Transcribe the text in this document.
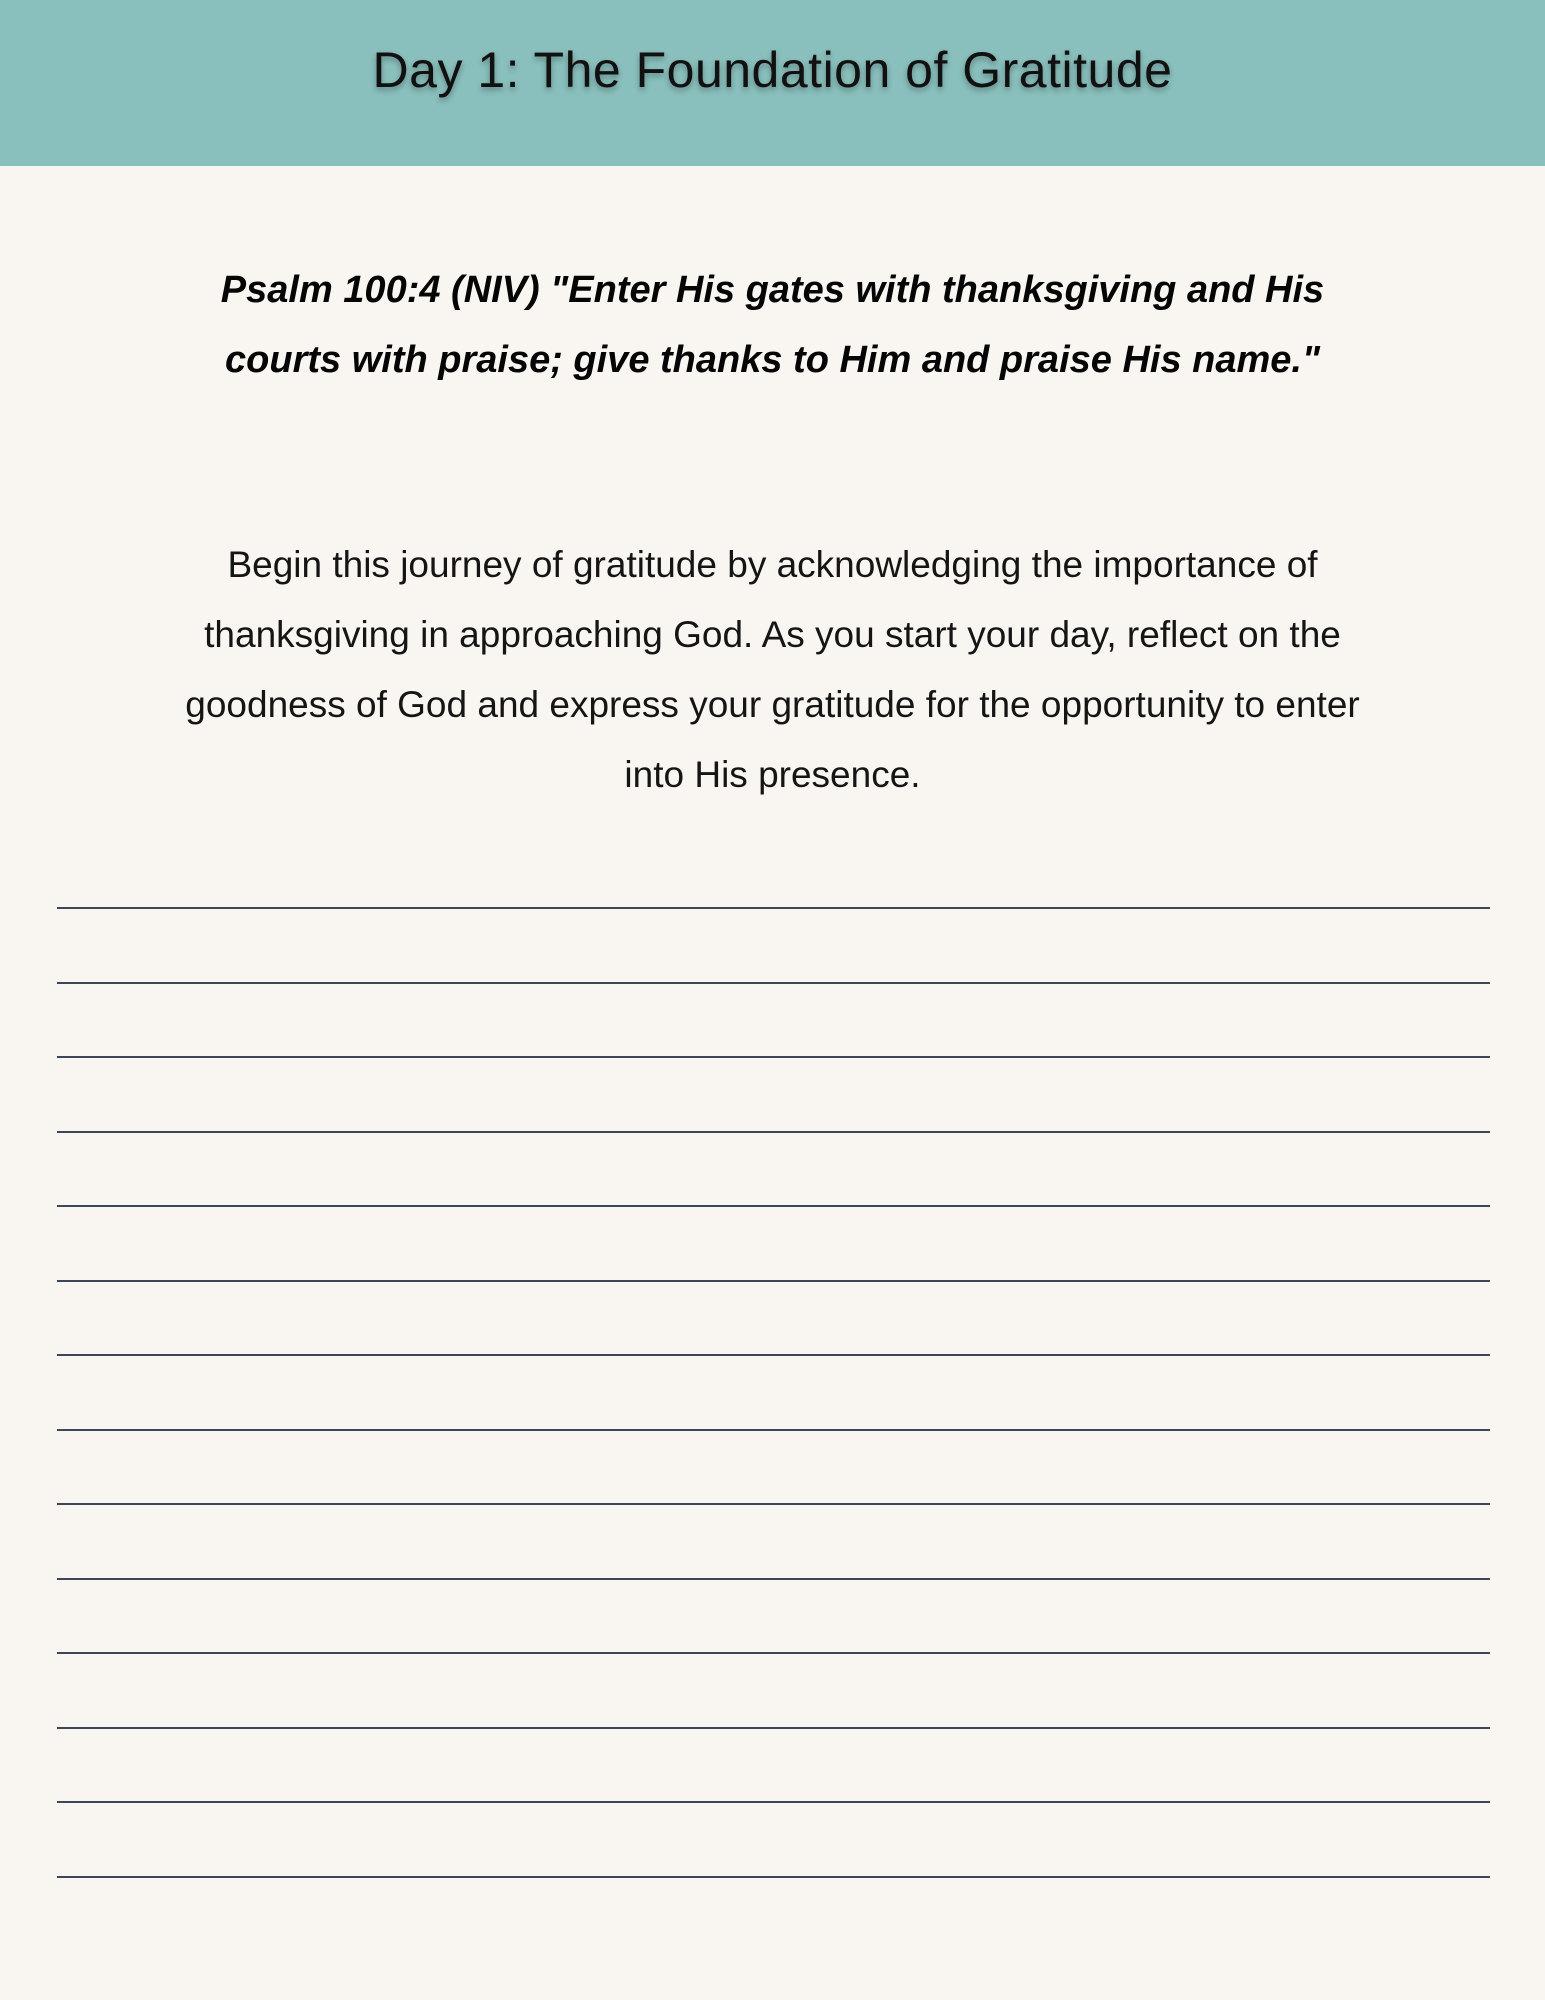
Day 1: The Foundation of Gratitude
Psalm 100:4 (NIV) "Enter His gates with thanksgiving and His courts with praise; give thanks to Him and praise His name."
Begin this journey of gratitude by acknowledging the importance of thanksgiving in approaching God. As you start your day, reflect on the goodness of God and express your gratitude for the opportunity to enter into His presence.
